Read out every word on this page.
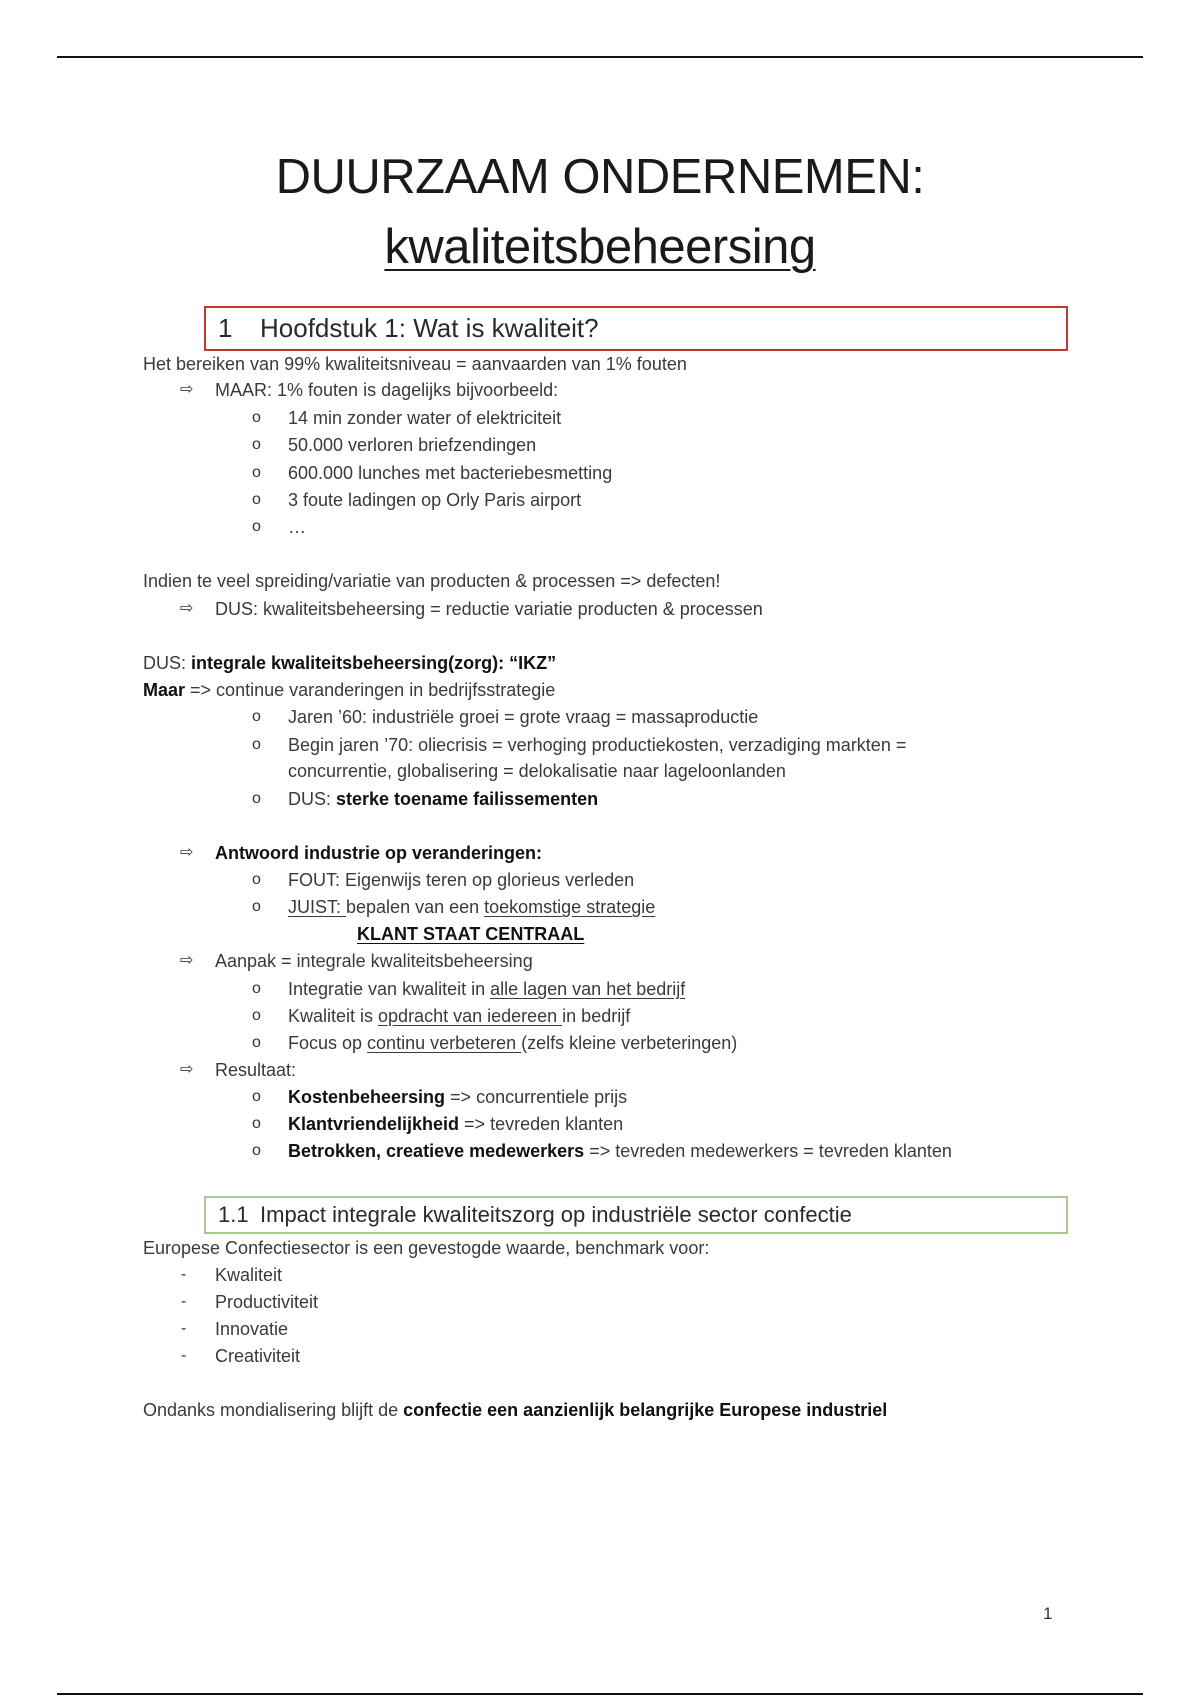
DUURZAAM ONDERNEMEN:
kwaliteitsbeheersing
1	Hoofdstuk 1: Wat is kwaliteit?
Het bereiken van 99% kwaliteitsniveau = aanvaarden van 1% fouten
⇨ MAAR: 1% fouten is dagelijks bijvoorbeeld:
o 14 min zonder water of elektriciteit
o 50.000 verloren briefzendingen
o 600.000 lunches met bacteriebesmetting
o 3 foute ladingen op Orly Paris airport
o …
Indien te veel spreiding/variatie van producten & processen => defecten!
⇨ DUS: kwaliteitsbeheersing = reductie variatie producten & processen
DUS: integrale kwaliteitsbeheersing(zorg): “IKZ”
Maar => continue varanderingen in bedrijfsstrategie
o Jaren ’60: industriële groei = grote vraag = massaproductie
o Begin jaren ’70: oliecrisis = verhoging productiekosten, verzadiging markten =
concurrentie, globalisering = delokalisatie naar lageloonlanden
o DUS: sterke toename failissementen
⇨ Antwoord industrie op veranderingen:
o FOUT: Eigenwijs teren op glorieus verleden
o JUIST: bepalen van een toekomstige strategie
KLANT STAAT CENTRAAL
⇨ Aanpak = integrale kwaliteitsbeheersing
o Integratie van kwaliteit in alle lagen van het bedrijf
o Kwaliteit is opdracht van iedereen in bedrijf
o Focus op continu verbeteren (zelfs kleine verbeteringen)
⇨ Resultaat:
o Kostenbeheersing => concurrentiele prijs
o Klantvriendelijkheid => tevreden klanten
o Betrokken, creatieve medewerkers => tevreden medewerkers = tevreden klanten
1.1 Impact integrale kwaliteitszorg op industriële sector confectie
Europese Confectiesector is een gevestogde waarde, benchmark voor:
- Kwaliteit
- Productiviteit
- Innovatie
- Creativiteit
Ondanks mondialisering blijft de confectie een aanzienlijk belangrijke Europese industriel
1
